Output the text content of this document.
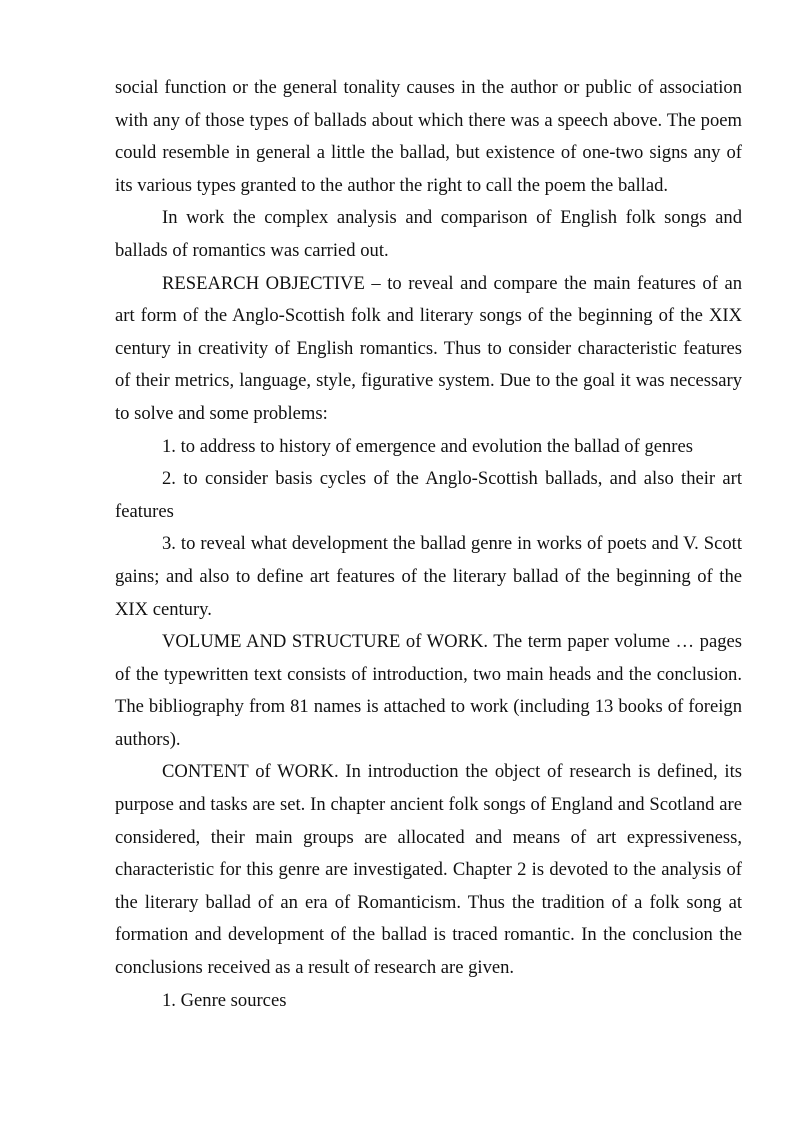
social function or the general tonality causes in the author or public of association with any of those types of ballads about which there was a speech above. The poem could resemble in general a little the ballad, but existence of one-two signs any of its various types granted to the author the right to call the poem the ballad.

In work the complex analysis and comparison of English folk songs and ballads of romantics was carried out.

RESEARCH OBJECTIVE – to reveal and compare the main features of an art form of the Anglo-Scottish folk and literary songs of the beginning of the XIX century in creativity of English romantics. Thus to consider characteristic features of their metrics, language, style, figurative system. Due to the goal it was necessary to solve and some problems:

1. to address to history of emergence and evolution the ballad of genres

2. to consider basis cycles of the Anglo-Scottish ballads, and also their art features

3. to reveal what development the ballad genre in works of poets and V. Scott gains; and also to define art features of the literary ballad of the beginning of the XIX century.

VOLUME AND STRUCTURE of WORK. The term paper volume … pages of the typewritten text consists of introduction, two main heads and the conclusion. The bibliography from 81 names is attached to work (including 13 books of foreign authors).

CONTENT of WORK. In introduction the object of research is defined, its purpose and tasks are set. In chapter ancient folk songs of England and Scotland are considered, their main groups are allocated and means of art expressiveness, characteristic for this genre are investigated. Chapter 2 is devoted to the analysis of the literary ballad of an era of Romanticism. Thus the tradition of a folk song at formation and development of the ballad is traced romantic. In the conclusion the conclusions received as a result of research are given.

1. Genre sources
